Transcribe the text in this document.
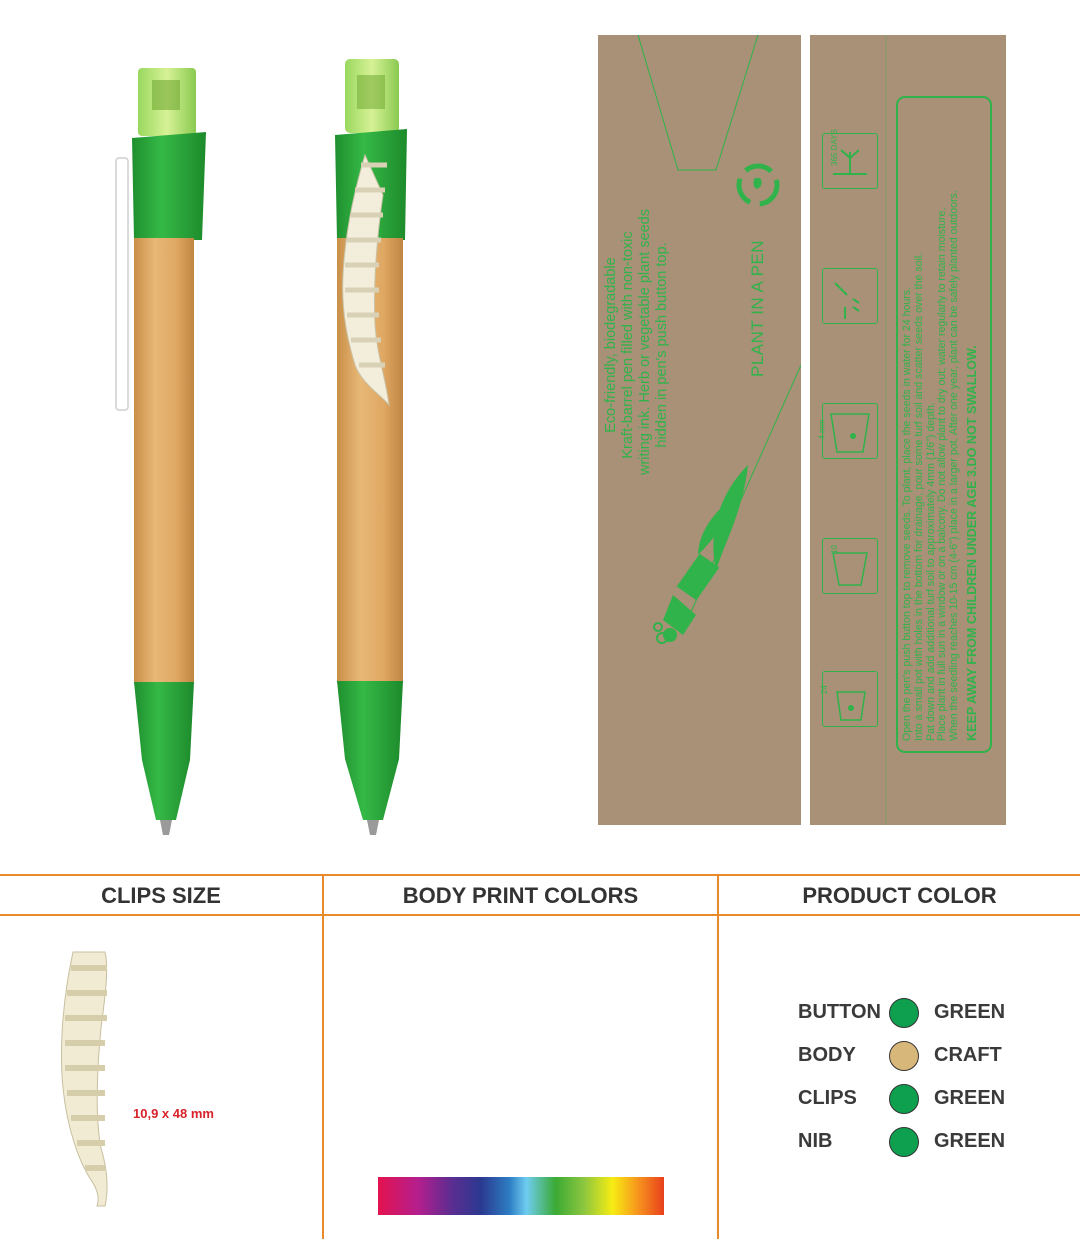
Eco-friendly, biodegradable Kraft-barrel pen filled with non-toxic writing ink. Herb or vegetable plant seeds hidden in pen's push button top.	PLANT IN A PEN
365 DAYS
4 mm
10
24	Open the pen's push button top to remove seeds. To plant, place the seeds in water for 24 hours. Into a small pot with holes in the bottom for drainage, pour some turf soil and scatter seeds over the soil. Pat down and add additional turf soil to approximately 4mm (1/6") depth. Place plant in full sun in a window or on a balcony. Do not allow plant to dry out; water regularly to retain moisture. When the seedling reaches 10-15 cm (4-6") place in a larger pot. After one year, plant can be safely planted outdoors. KEEP AWAY FROM CHILDREN UNDER AGE 3.DO NOT SWALLOW.
CLIPS SIZE	BODY PRINT COLORS	PRODUCT COLOR
10,9 x 48 mm
BUTTON	GREEN
BODY	CRAFT
CLIPS	GREEN
NIB	GREEN
